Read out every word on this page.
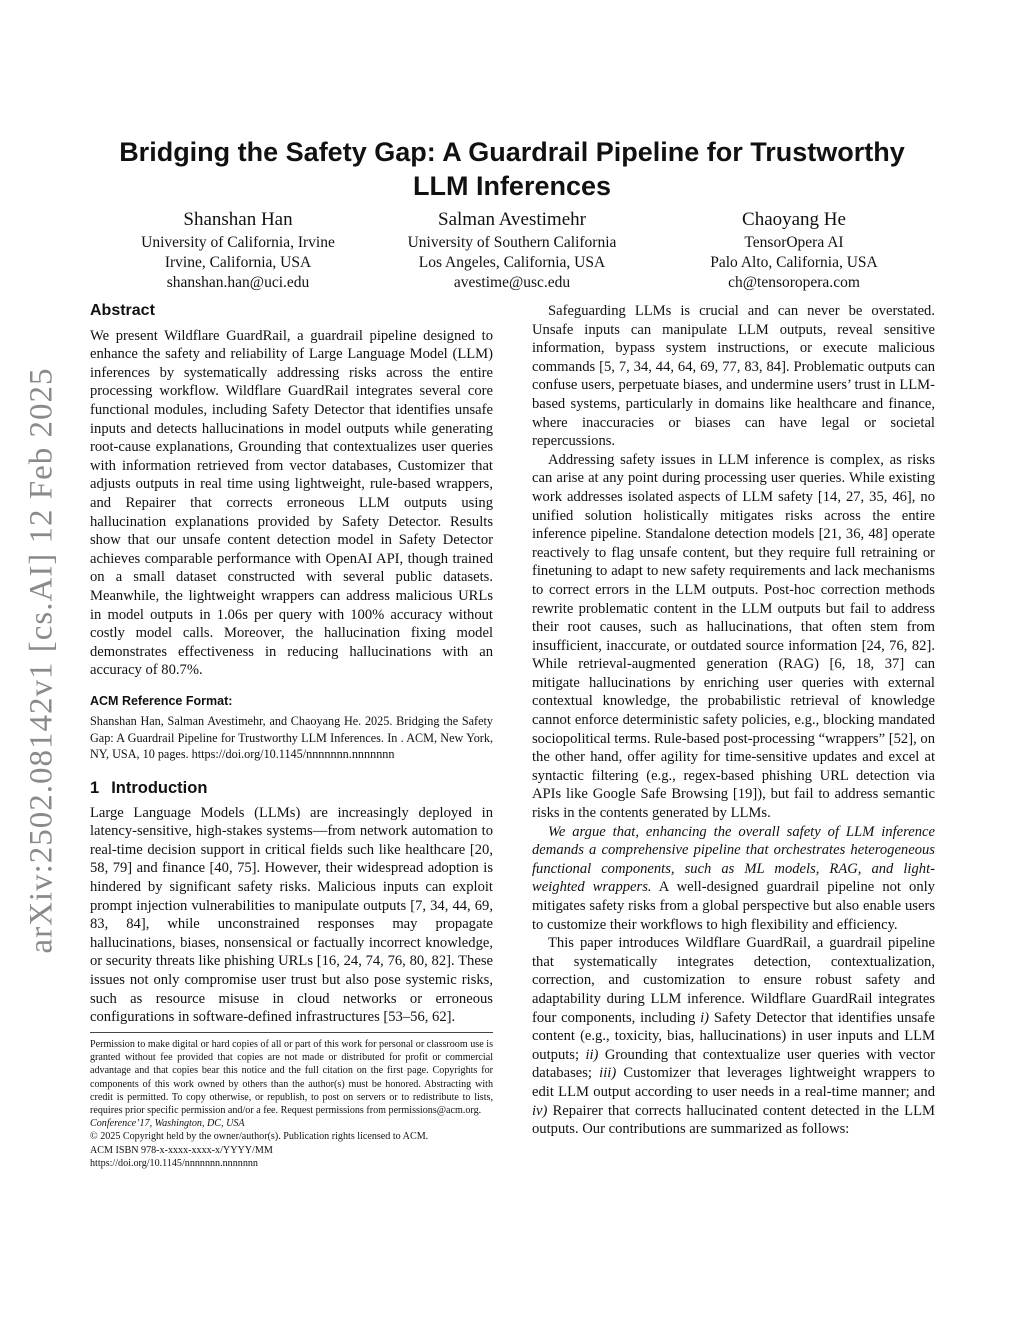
arXiv:2502.08142v1 [cs.AI] 12 Feb 2025
Bridging the Safety Gap: A Guardrail Pipeline for Trustworthy
LLM Inferences
Shanshan Han
University of California, Irvine
Irvine, California, USA
shanshan.han@uci.edu
Salman Avestimehr
University of Southern California
Los Angeles, California, USA
avestime@usc.edu
Chaoyang He
TensorOpera AI
Palo Alto, California, USA
ch@tensoropera.com
Abstract

We present Wildflare GuardRail, a guardrail pipeline designed to enhance the safety and reliability of Large Language Model (LLM) inferences by systematically addressing risks across the entire processing workflow. Wildflare GuardRail integrates several core functional modules, including Safety Detector that identifies unsafe inputs and detects hallucinations in model outputs while generating root-cause explanations, Grounding that contextualizes user queries with information retrieved from vector databases, Customizer that adjusts outputs in real time using lightweight, rule-based wrappers, and Repairer that corrects erroneous LLM outputs using hallucination explanations provided by Safety Detector. Results show that our unsafe content detection model in Safety Detector achieves comparable performance with OpenAI API, though trained on a small dataset constructed with several public datasets. Meanwhile, the lightweight wrappers can address malicious URLs in model outputs in 1.06s per query with 100% accuracy without costly model calls. Moreover, the hallucination fixing model demonstrates effectiveness in reducing hallucinations with an accuracy of 80.7%.

ACM Reference Format:

Shanshan Han, Salman Avestimehr, and Chaoyang He. 2025. Bridging the Safety Gap: A Guardrail Pipeline for Trustworthy LLM Inferences. In . ACM, New York, NY, USA, 10 pages. https://doi.org/10.1145/nnnnnnn.nnnnnnn

1 Introduction

Large Language Models (LLMs) are increasingly deployed in latency-sensitive, high-stakes systems—from network automation to real-time decision support in critical fields such like healthcare [20, 58, 79] and finance [40, 75]. However, their widespread adoption is hindered by significant safety risks. Malicious inputs can exploit prompt injection vulnerabilities to manipulate outputs [7, 34, 44, 69, 83, 84], while unconstrained responses may propagate hallucinations, biases, nonsensical or factually incorrect knowledge, or security threats like phishing URLs [16, 24, 74, 76, 80, 82]. These issues not only compromise user trust but also pose systemic risks, such as resource misuse in cloud networks or erroneous configurations in software-defined infrastructures [53–56, 62].

Permission to make digital or hard copies of all or part of this work for personal or classroom use is granted without fee provided that copies are not made or distributed for profit or commercial advantage and that copies bear this notice and the full citation on the first page. Copyrights for components of this work owned by others than the author(s) must be honored. Abstracting with credit is permitted. To copy otherwise, or republish, to post on servers or to redistribute to lists, requires prior specific permission and/or a fee. Request permissions from permissions@acm.org.

Conference’17, Washington, DC, USA

© 2025 Copyright held by the owner/author(s). Publication rights licensed to ACM.

ACM ISBN 978-x-xxxx-xxxx-x/YYYY/MM

https://doi.org/10.1145/nnnnnnn.nnnnnnn

Safeguarding LLMs is crucial and can never be overstated. Unsafe inputs can manipulate LLM outputs, reveal sensitive information, bypass system instructions, or execute malicious commands [5, 7, 34, 44, 64, 69, 77, 83, 84]. Problematic outputs can confuse users, perpetuate biases, and undermine users’ trust in LLM-based systems, particularly in domains like healthcare and finance, where inaccuracies or biases can have legal or societal repercussions.

Addressing safety issues in LLM inference is complex, as risks can arise at any point during processing user queries. While existing work addresses isolated aspects of LLM safety [14, 27, 35, 46], no unified solution holistically mitigates risks across the entire inference pipeline. Standalone detection models [21, 36, 48] operate reactively to flag unsafe content, but they require full retraining or finetuning to adapt to new safety requirements and lack mechanisms to correct errors in the LLM outputs. Post-hoc correction methods rewrite problematic content in the LLM outputs but fail to address their root causes, such as hallucinations, that often stem from insufficient, inaccurate, or outdated source information [24, 76, 82]. While retrieval-augmented generation (RAG) [6, 18, 37] can mitigate hallucinations by enriching user queries with external contextual knowledge, the probabilistic retrieval of knowledge cannot enforce deterministic safety policies, e.g., blocking mandated sociopolitical terms. Rule-based post-processing “wrappers” [52], on the other hand, offer agility for time-sensitive updates and excel at syntactic filtering (e.g., regex-based phishing URL detection via APIs like Google Safe Browsing [19]), but fail to address semantic risks in the contents generated by LLMs.

We argue that, enhancing the overall safety of LLM inference demands a comprehensive pipeline that orchestrates heterogeneous functional components, such as ML models, RAG, and light-weighted wrappers. A well-designed guardrail pipeline not only mitigates safety risks from a global perspective but also enable users to customize their workflows to high flexibility and efficiency.

This paper introduces Wildflare GuardRail, a guardrail pipeline that systematically integrates detection, contextualization, correction, and customization to ensure robust safety and adaptability during LLM inference. Wildflare GuardRail integrates four components, including i) Safety Detector that identifies unsafe content (e.g., toxicity, bias, hallucinations) in user inputs and LLM outputs; ii) Grounding that contextualize user queries with vector databases; iii) Customizer that leverages lightweight wrappers to edit LLM output according to user needs in a real-time manner; and iv) Repairer that corrects hallucinated content detected in the LLM outputs. Our contributions are summarized as follows:
